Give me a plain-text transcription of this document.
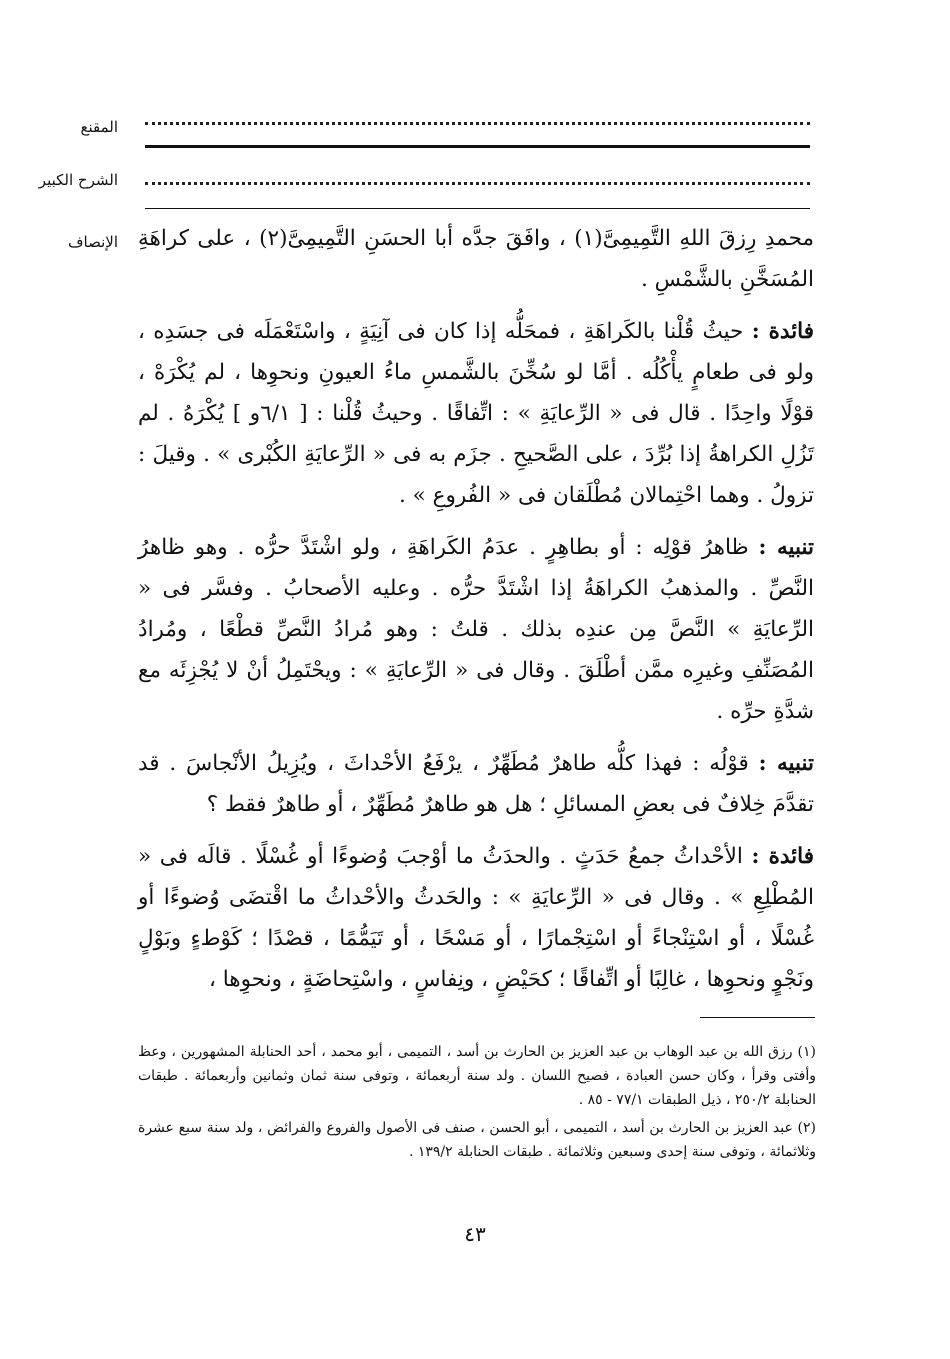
المقنع
الشرح الكبير
الإنصاف محمدِ رِزقَ اللهِ التَّمِيمِىَّ(١) ، وافَقَ جدَّه أبا الحسَنِ التَّمِيمِىَّ(٢) ، على كراهَةِ المُسَخَّنِ بالشَّمْسِ .

فائدة : حيثُ قُلْنا بالكَراهَةِ ، فمحَلُّه إذا كان فى آنِيَةٍ ، واسْتَعْمَلَه فى جسَدِه ، ولو فى طعامٍ يأْكُلُه . أمَّا لو سُخِّنَ بالشَّمسِ ماءُ العيونِ ونحوِها ، لم يُكْرَهْ ، قوْلًا واحِدًا . قال فى « الرِّعايَةِ » : اتِّفاقًا . وحيثُ قُلْنا : [ ٦/١و ] يُكْرَهُ . لم تَزُلِ الكراهةُ إذا بُرِّدَ ، على الصَّحيحِ . جزَم به فى « الرِّعايَةِ الكُبْرى » . وقيلَ : تزولُ . وهما احْتِمالان مُطْلَقان فى « الفُروعِ » .

تنبيه : ظاهرُ قوْلِه : أو بطاهِرٍ . عدَمُ الكَراهَةِ ، ولو اشْتَدَّ حرُّه . وهو ظاهرُ النَّصِّ . والمذهبُ الكراهَةُ إذا اشْتَدَّ حرُّه . وعليه الأصحابُ . وفسَّر فى « الرِّعايَةِ » النَّصَّ مِن عندِه بذلك . قلتُ : وهو مُرادُ النَّصِّ قطْعًا ، ومُرادُ المُصَنِّفِ وغيرِه ممَّن أطْلَقَ . وقال فى « الرِّعايَةِ » : ويحْتَمِلُ أنْ لا يُجْزِئَه مع شدَّةِ حرِّه .

تنبيه : قوْلُه : فهذا كلُّه طاهرٌ مُطَهِّرٌ ، يرْفَعُ الأحْداثَ ، ويُزِيلُ الأنْجاسَ . قد تقدَّمَ خِلافٌ فى بعضِ المسائلِ ؛ هل هو طاهرٌ مُطَهِّرٌ ، أو طاهرٌ فقط ؟

فائدة : الأحْداثُ جمعُ حَدَثٍ . والحدَثُ ما أوْجبَ وُضوءًا أو غُسْلًا . قالَه فى « المُطْلِعِ » . وقال فى « الرِّعايَةِ » : والحَدثُ والأحْداثُ ما اقْتضَى وُضوءًا أو غُسْلًا ، أو اسْتِنْجاءً أو اسْتِجْمارًا ، أو مَسْحًا ، أو تَيَمُّمًا ، قصْدًا ؛ كَوْطءٍ وبَوْلٍ ونَجْوٍ ونحوِها ، غالِبًا أو اتِّفاقًا ؛ كحَيْضٍ ، ونِفاسٍ ، واسْتِحاضَةٍ ، ونحوِها ،

(١) رزق الله بن عبد الوهاب بن عبد العزيز بن الحارث بن أسد ، التميمى ، أبو محمد ، أحد الحنابلة المشهورين ، وعظ وأفتى وقرأ ، وكان حسن العبادة ، فصيح اللسان . ولد سنة أربعمائة ، وتوفى سنة ثمان وثمانين وأربعمائة . طبقات الحنابلة ٢٥٠/٢ ، ذيل الطبقات ٧٧/١ - ٨٥ .

(٢) عبد العزيز بن الحارث بن أسد ، التميمى ، أبو الحسن ، صنف فى الأصول والفروع والفرائض ، ولد سنة سبع عشرة وثلاثمائة ، وتوفى سنة إحدى وسبعين وثلاثمائة . طبقات الحنابلة ١٣٩/٢ .

٤٣
